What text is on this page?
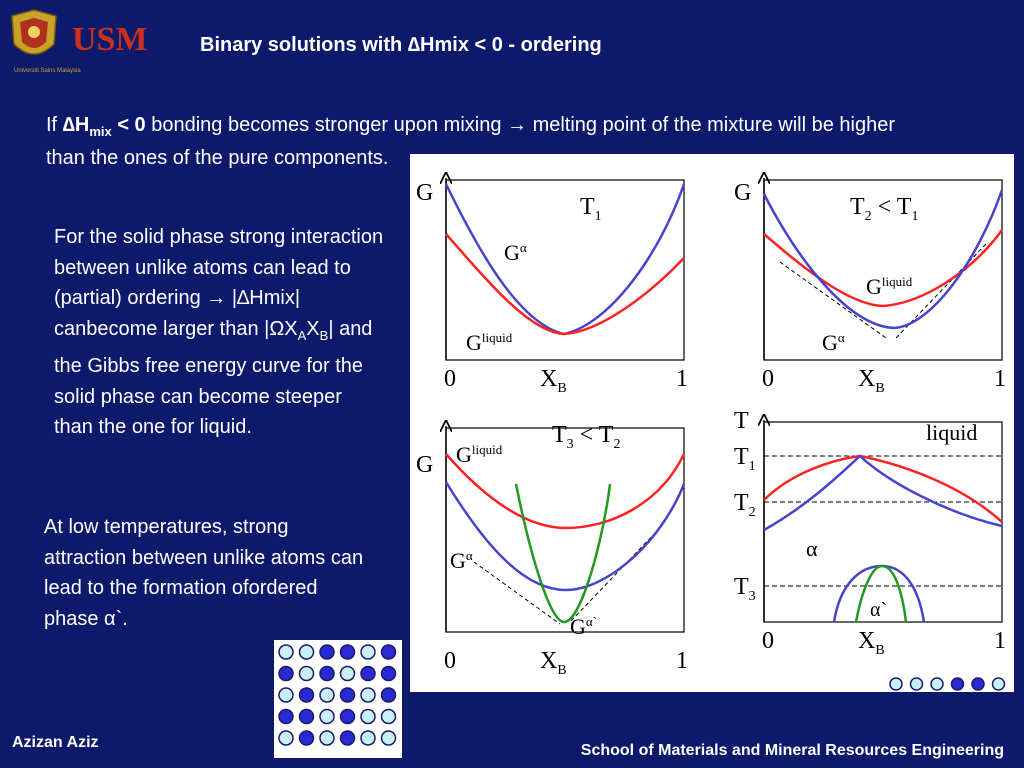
USM
Universiti Sains Malaysia
Binary solutions with ∆Hmix < 0 - ordering
If $\Delta H_{mix} < 0$ bonding becomes stronger upon mixing → melting point of the mixture will be higher than the ones of the pure components.
For the solid phase strong interaction between unlike atoms can lead to (partial) ordering → |∆Hmix| canbecome larger than $|\Omega X_AX_B|$ and the Gibbs free energy curve for the solid phase can become steeper than the one for liquid.
At low temperatures, strong attraction between unlike atoms can lead to the formation ofordered phase α`.
G
0	1
$X_B$
$T_1$
$G^\alpha$
$G^{liquid}$
G
0	1
$X_B$
$T_2 < T_1$
$G^{liquid}$
$G^\alpha$
G
0	1
$X_B$
$T_3 < T_2$
$G^{liquid}$
$G^\alpha$
$G^{\alpha`}$
T
$T_1$
$T_2$
$T_3$
0	1
$X_B$
liquid
α
α`
Azizan Aziz	School of Materials and Mineral Resources Engineering
